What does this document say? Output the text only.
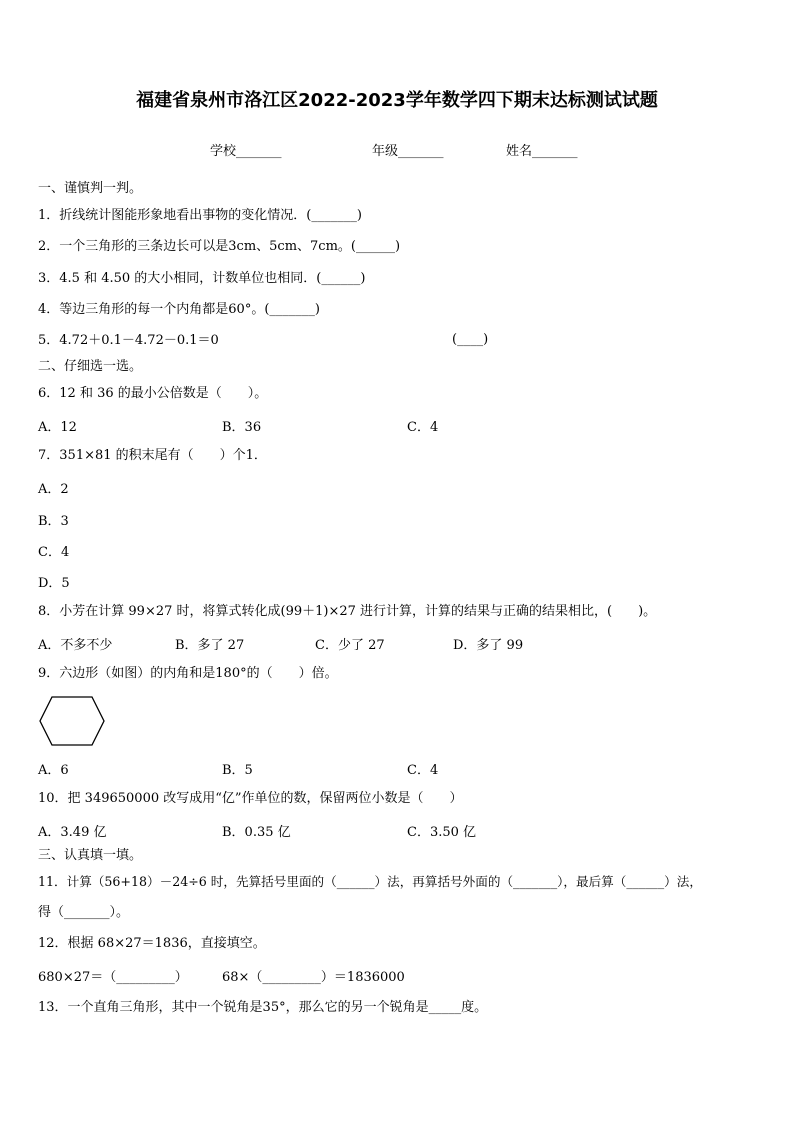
福建省泉州市洛江区2022-2023学年数学四下期末达标测试试题
学校_______	年级_______	姓名_______
一、谨慎判一判。
1．折线统计图能形象地看出事物的变化情况．(_______)
2．一个三角形的三条边长可以是3cm、5cm、7cm。(______)
3．4.5 和 4.50 的大小相同，计数单位也相同．(______)
4．等边三角形的每一个内角都是60°。(_______)
5．4.72＋0.1－4.72－0.1＝0	(____)
二、仔细选一选。
6．12 和 36 的最小公倍数是（　　）。
A．12	B．36	C．4
7．351×81 的积末尾有（　　）个1．
A．2
B．3
C．4
D．5
8．小芳在计算 99×27 时，将算式转化成(99＋1)×27 进行计算，计算的结果与正确的结果相比，(　　)。
A．不多不少	B．多了 27	C．少了 27	D．多了 99
9．六边形（如图）的内角和是180°的（　　）倍。
A．6	B．5	C．4
10．把 349650000 改写成用“亿”作单位的数，保留两位小数是（　　）
A．3.49 亿	B．0.35 亿	C．3.50 亿
三、认真填一填。
11．计算（56+18）－24÷6 时，先算括号里面的（______）法，再算括号外面的（_______），最后算（______）法，
得（_______）。
12．根据 68×27＝1836，直接填空。
680×27＝（_________）	68×（_________）＝1836000
13．一个直角三角形，其中一个锐角是35°，那么它的另一个锐角是_____度。
